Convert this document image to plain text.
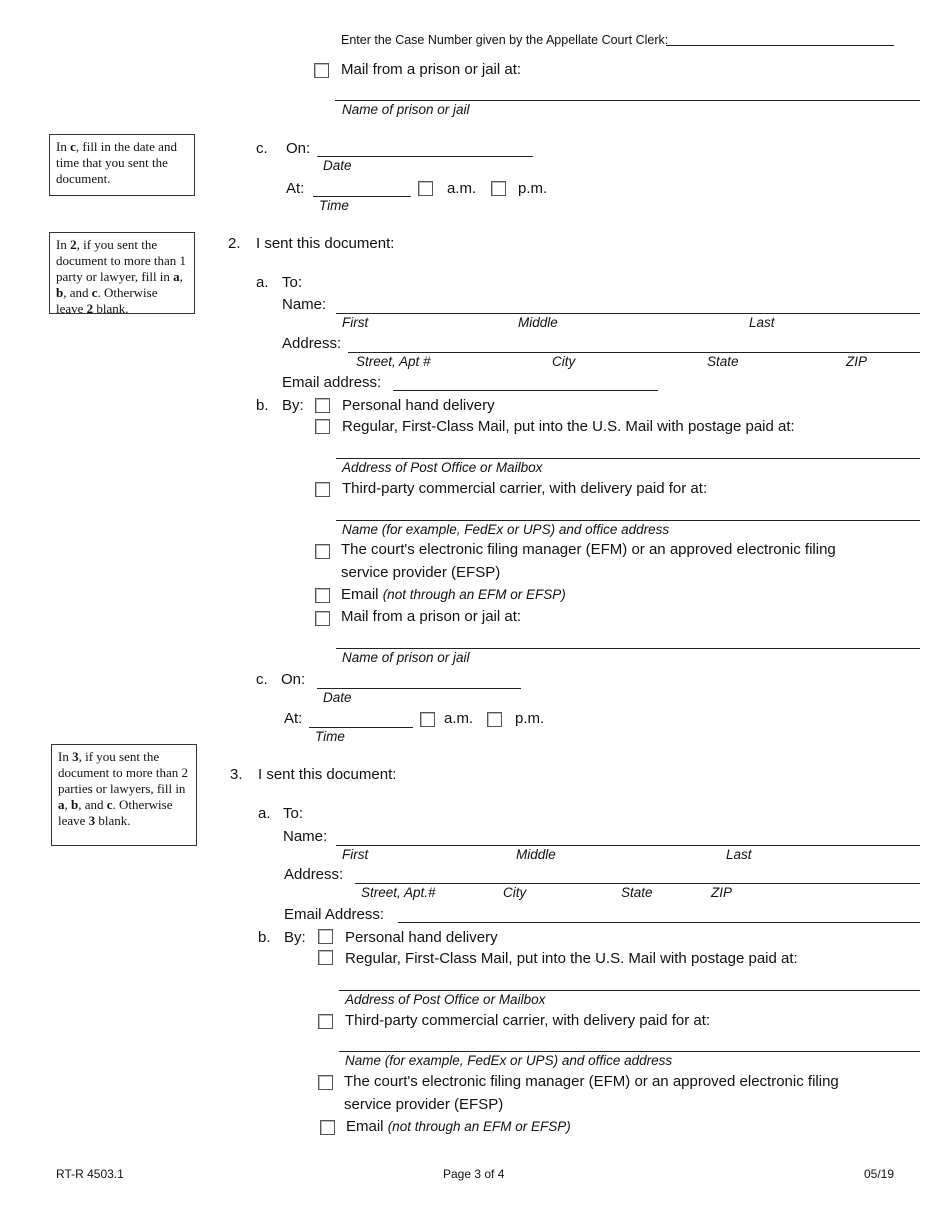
Enter the Case Number given by the Appellate Court Clerk:
Mail from a prison or jail at:
Name of prison or jail
In c, fill in the date and time that you sent the document.
c. On:
Date
At:
Time
a.m.	p.m.
In 2, if you sent the document to more than 1 party or lawyer, fill in a, b, and c. Otherwise leave 2 blank.
2. I sent this document:
a. To:
Name:
First	Middle	Last
Address:
Street, Apt #	City	State	ZIP
Email address:
b. By:	Personal hand delivery
Regular, First-Class Mail, put into the U.S. Mail with postage paid at:
Address of Post Office or Mailbox
Third-party commercial carrier, with delivery paid for at:
Name (for example, FedEx or UPS) and office address
The court's electronic filing manager (EFM) or an approved electronic filing
service provider (EFSP)
Email (not through an EFM or EFSP)
Mail from a prison or jail at:
Name of prison or jail
c. On:
Date
At:
Time
a.m.	p.m.
In 3, if you sent the document to more than 2 parties or lawyers, fill in a, b, and c. Otherwise leave 3 blank.
3. I sent this document:
a. To:
Name:
First	Middle	Last
Address:
Street, Apt.#	City	State	ZIP
Email Address:
b. By:	Personal hand delivery
Regular, First-Class Mail, put into the U.S. Mail with postage paid at:
Address of Post Office or Mailbox
Third-party commercial carrier, with delivery paid for at:
Name (for example, FedEx or UPS) and office address
The court's electronic filing manager (EFM) or an approved electronic filing
service provider (EFSP)
Email (not through an EFM or EFSP)
RT-R 4503.1	Page 3 of 4	05/19
